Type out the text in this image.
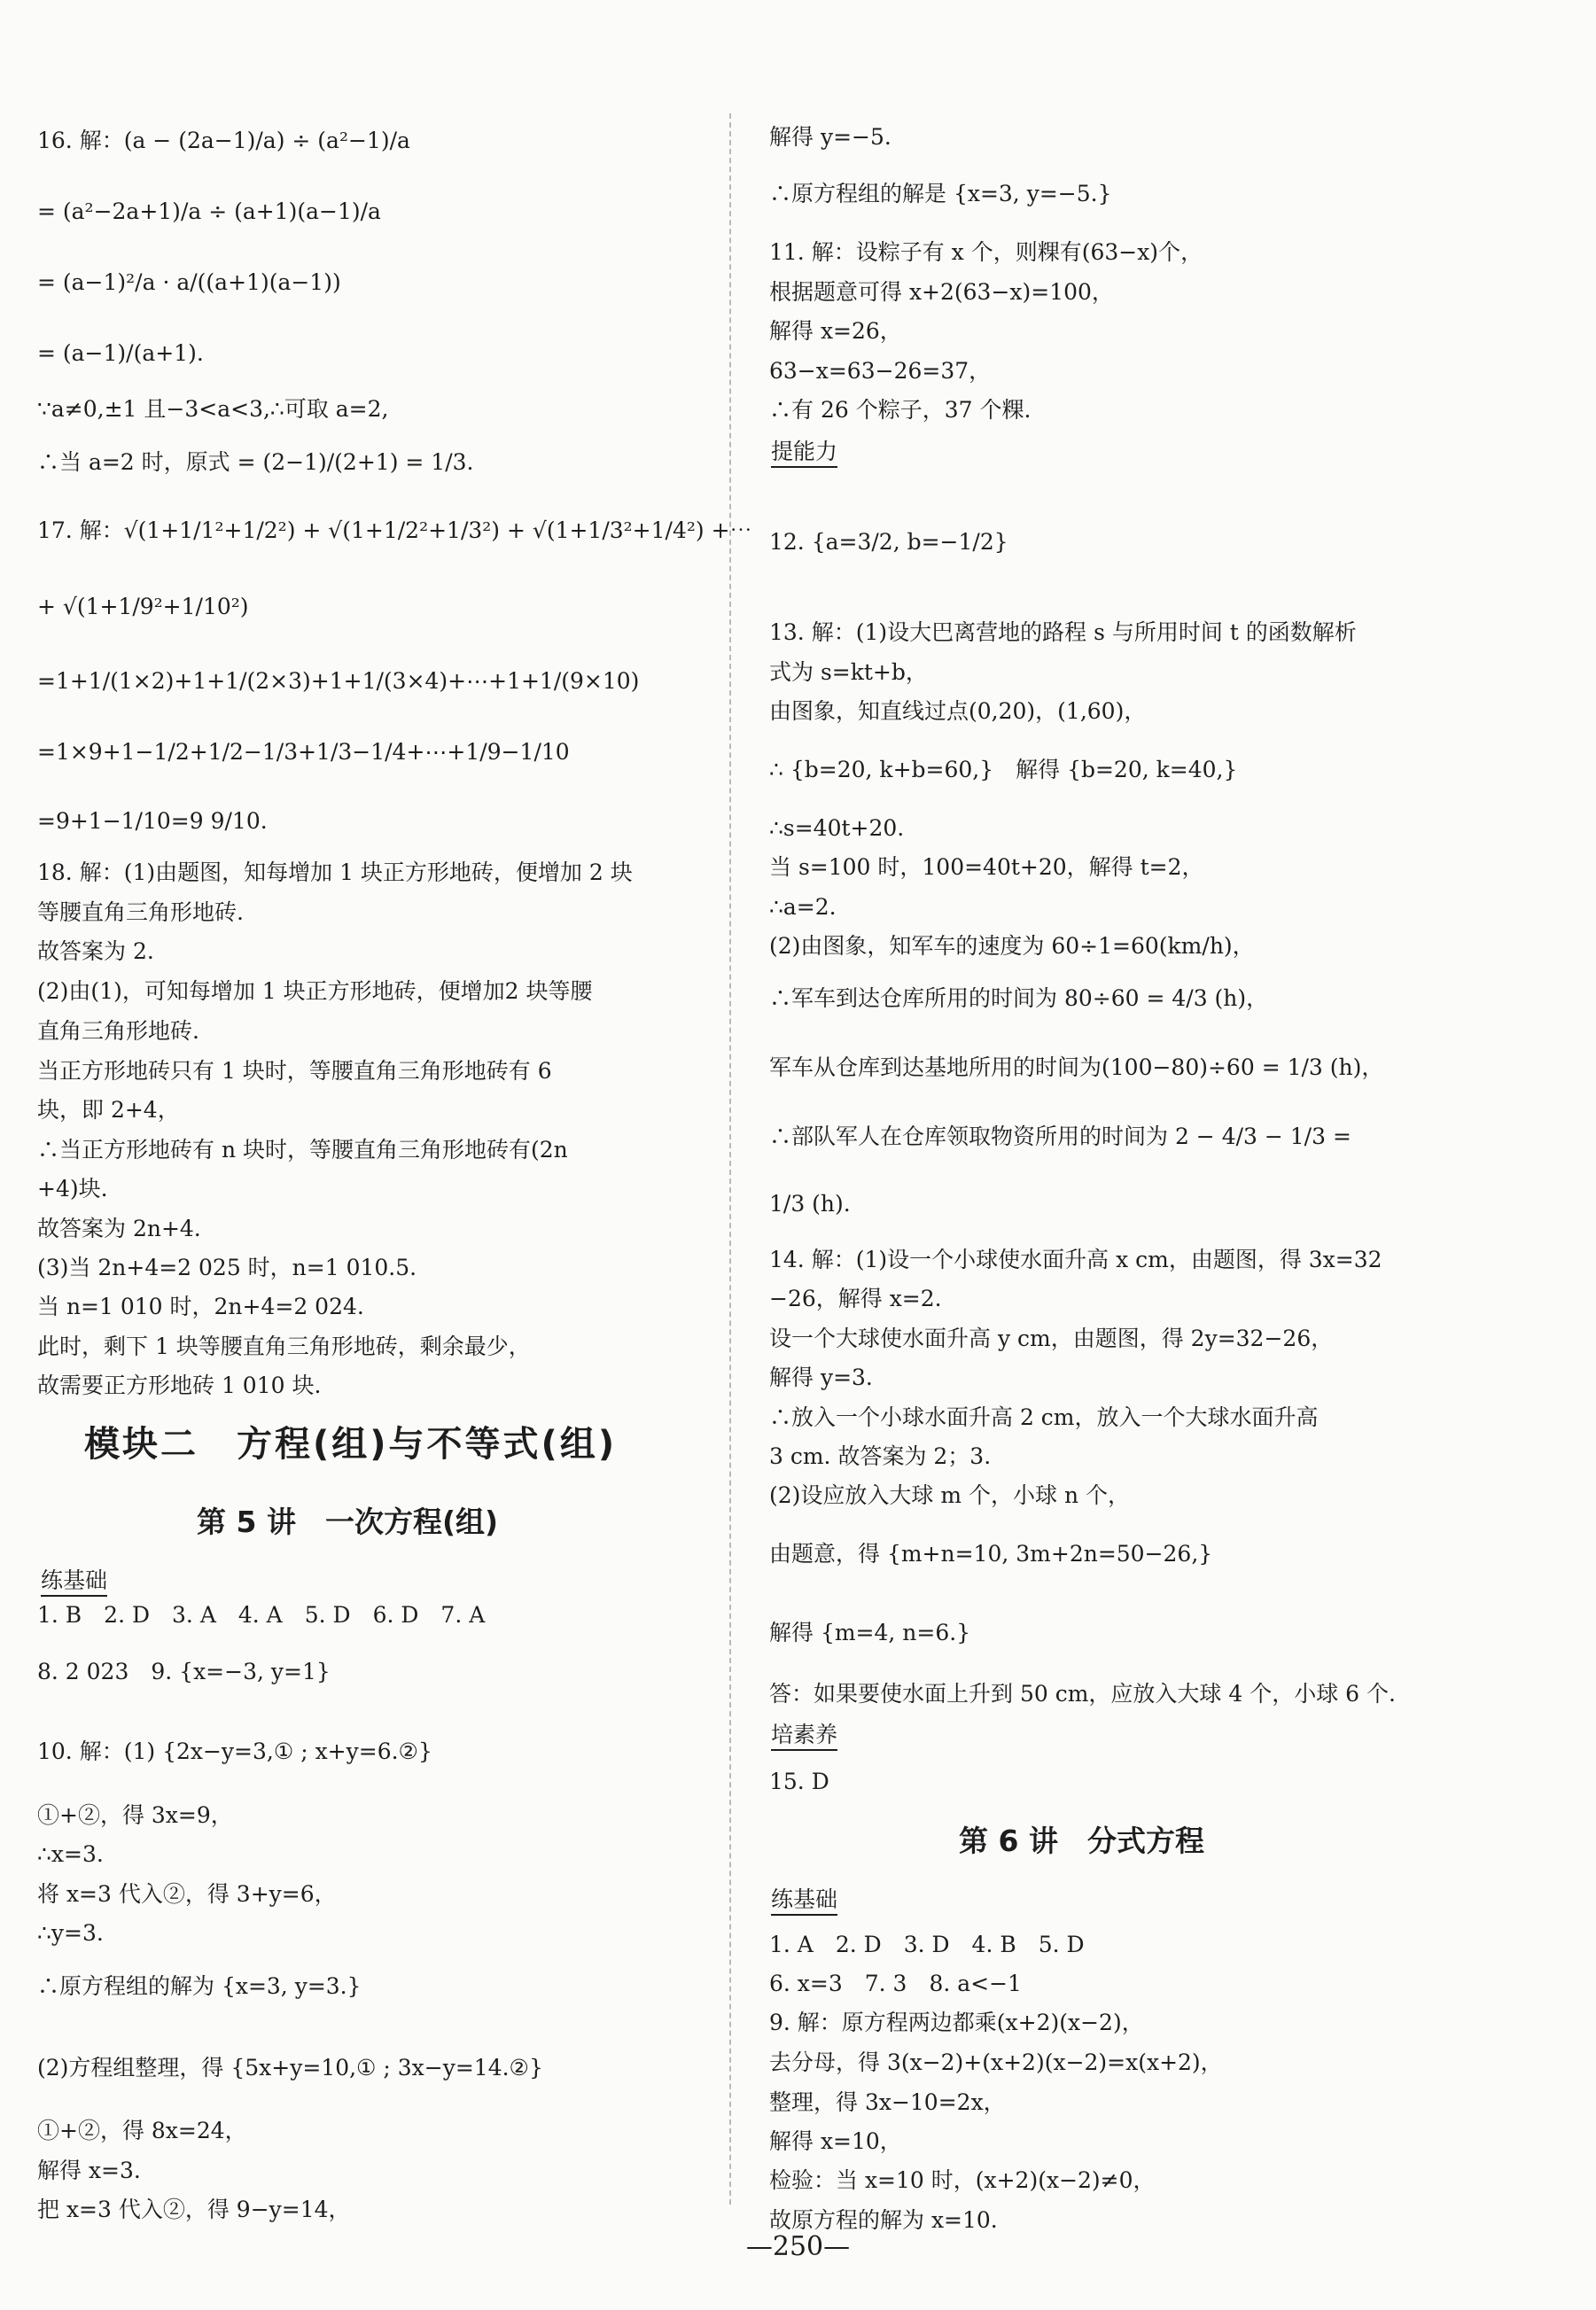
16. 解：(a − (2a−1)/a) ÷ (a²−1)/a
= (a²−2a+1)/a ÷ (a+1)(a−1)/a
= (a−1)²/a · a/((a+1)(a−1))
= (a−1)/(a+1).
∵a≠0,±1 且−3<a<3,∴可取 a=2,
∴当 a=2 时，原式 = (2−1)/(2+1) = 1/3.
17. 解：√(1+1/1²+1/2²) + √(1+1/2²+1/3²) + √(1+1/3²+1/4²) +⋯
+ √(1+1/9²+1/10²)
=1+1/(1×2)+1+1/(2×3)+1+1/(3×4)+⋯+1+1/(9×10)
=1×9+1−1/2+1/2−1/3+1/3−1/4+⋯+1/9−1/10
=9+1−1/10=9 9/10.
18. 解：(1)由题图，知每增加 1 块正方形地砖，便增加 2 块
等腰直角三角形地砖.
故答案为 2.
(2)由(1)，可知每增加 1 块正方形地砖，便增加2 块等腰
直角三角形地砖.
当正方形地砖只有 1 块时，等腰直角三角形地砖有 6
块，即 2+4，
∴当正方形地砖有 n 块时，等腰直角三角形地砖有(2n
+4)块.
故答案为 2n+4.
(3)当 2n+4=2 025 时，n=1 010.5.
当 n=1 010 时，2n+4=2 024.
此时，剩下 1 块等腰直角三角形地砖，剩余最少，
故需要正方形地砖 1 010 块.
1. B　2. D　3. A　4. A　5. D　6. D　7. A
8. 2 023　9. {x=−3, y=1}
10. 解：(1) {2x−y=3,① ; x+y=6.②}
①+②，得 3x=9，
∴x=3.
将 x=3 代入②，得 3+y=6，
∴y=3.
∴原方程组的解为 {x=3, y=3.}
(2)方程组整理，得 {5x+y=10,① ; 3x−y=14.②}
①+②，得 8x=24，
解得 x=3.
把 x=3 代入②，得 9−y=14，
解得 y=−5.
∴原方程组的解是 {x=3, y=−5.}
11. 解：设粽子有 x 个，则粿有(63−x)个，
根据题意可得 x+2(63−x)=100，
解得 x=26，
63−x=63−26=37，
∴有 26 个粽子，37 个粿.
12. {a=3/2, b=−1/2}
13. 解：(1)设大巴离营地的路程 s 与所用时间 t 的函数解析
式为 s=kt+b，
由图象，知直线过点(0,20)，(1,60)，
∴ {b=20, k+b=60,}　解得 {b=20, k=40,}
∴s=40t+20.
当 s=100 时，100=40t+20，解得 t=2，
∴a=2.
(2)由图象，知军车的速度为 60÷1=60(km/h)，
∴军车到达仓库所用的时间为 80÷60 = 4/3 (h)，
军车从仓库到达基地所用的时间为(100−80)÷60 = 1/3 (h)，
∴部队军人在仓库领取物资所用的时间为 2 − 4/3 − 1/3 =
1/3 (h).
14. 解：(1)设一个小球使水面升高 x cm，由题图，得 3x=32
−26，解得 x=2.
设一个大球使水面升高 y cm，由题图，得 2y=32−26，
解得 y=3.
∴放入一个小球水面升高 2 cm，放入一个大球水面升高
3 cm. 故答案为 2；3.
(2)设应放入大球 m 个，小球 n 个，
由题意，得 {m+n=10, 3m+2n=50−26,}
解得 {m=4, n=6.}
答：如果要使水面上升到 50 cm，应放入大球 4 个，小球 6 个.
15. D
1. A　2. D　3. D　4. B　5. D
6. x=3　7. 3　8. a<−1
9. 解：原方程两边都乘(x+2)(x−2)，
去分母，得 3(x−2)+(x+2)(x−2)=x(x+2)，
整理，得 3x−10=2x，
解得 x=10，
检验：当 x=10 时，(x+2)(x−2)≠0，
故原方程的解为 x=10.
模块二　方程(组)与不等式(组)
第 5 讲　一次方程(组)
练基础
提能力
培素养
第 6 讲　分式方程
练基础
—250—
